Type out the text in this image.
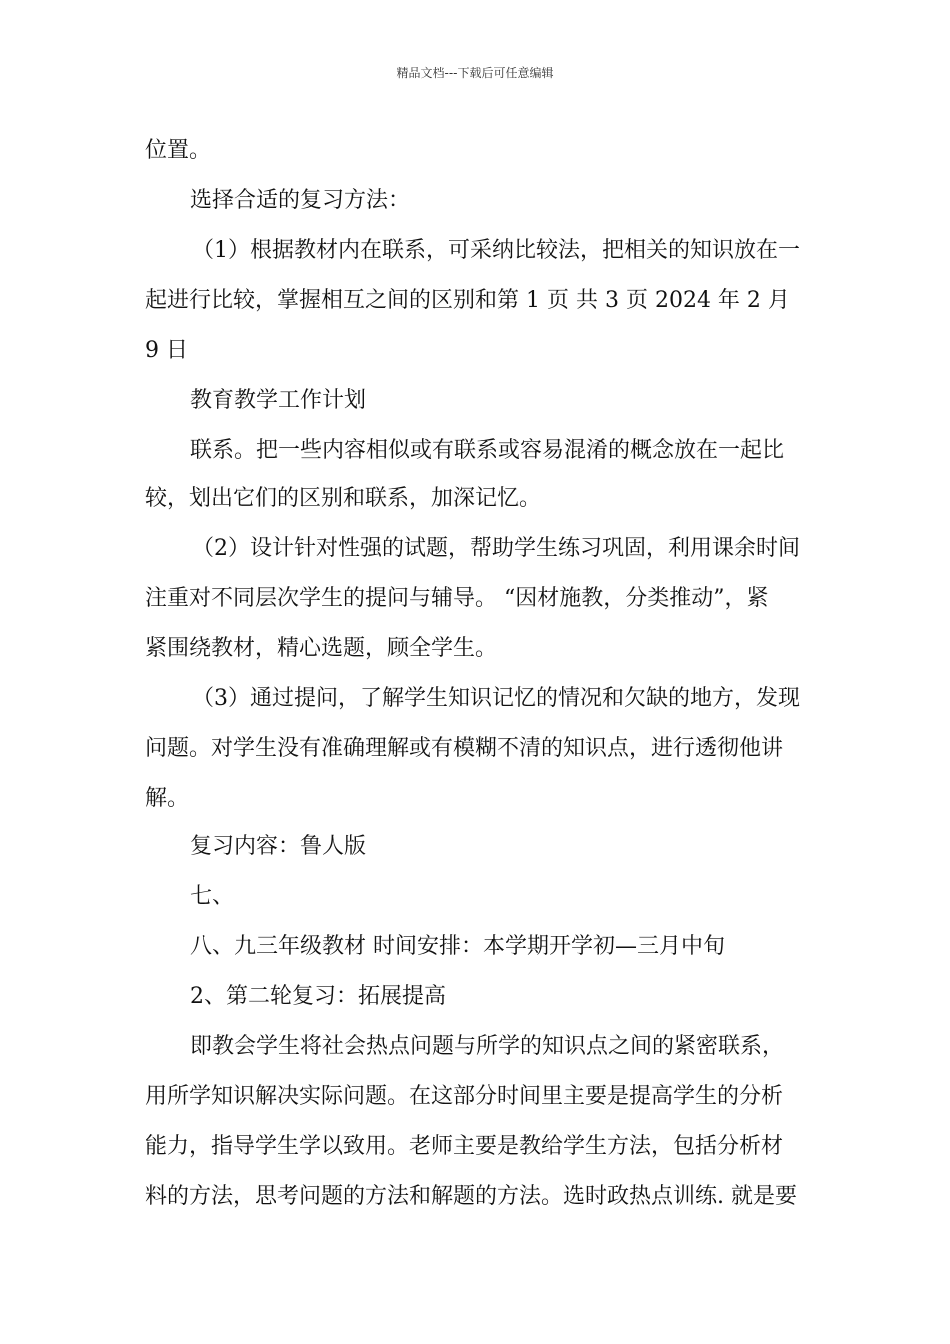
精品文档---下载后可任意编辑
位置。
选择合适的复习方法：
（1）根据教材内在联系，可采纳比较法，把相关的知识放在一
起进行比较，掌握相互之间的区别和第 1 页 共 3 页 2024 年 2 月
9 日
教育教学工作计划
联系。把一些内容相似或有联系或容易混淆的概念放在一起比
较，划出它们的区别和联系，加深记忆。
（2）设计针对性强的试题，帮助学生练习巩固，利用课余时间
注重对不同层次学生的提问与辅导。 “因材施教，分类推动”，紧
紧围绕教材，精心选题，顾全学生。
（3）通过提问，了解学生知识记忆的情况和欠缺的地方，发现
问题。对学生没有准确理解或有模糊不清的知识点，进行透彻他讲
解。
复习内容：鲁人版
七、
八、九三年级教材 时间安排：本学期开学初—三月中旬
2、第二轮复习：拓展提高
即教会学生将社会热点问题与所学的知识点之间的紧密联系，
用所学知识解决实际问题。在这部分时间里主要是提高学生的分析
能力，指导学生学以致用。老师主要是教给学生方法，包括分析材
料的方法，思考问题的方法和解题的方法。选时政热点训练. 就是要
